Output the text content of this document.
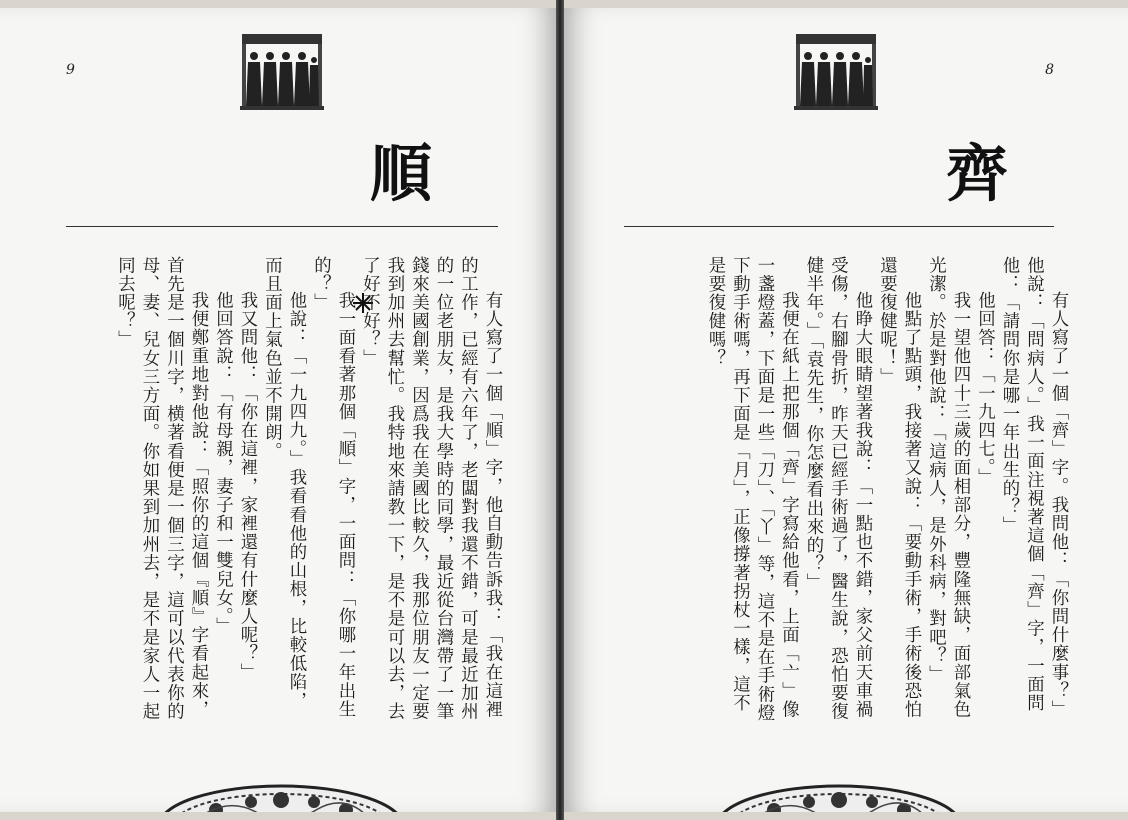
9
順

有人寫了一個「順」字，他自動告訴我：「我在這裡的工作，已經有六年了，老闆對我還不錯，可是最近加州的一位老朋友，是我大學時的同學，最近從台灣帶了一筆錢來美國創業，因爲我在美國比較久，我那位朋友一定要我到加州去幫忙。我特地來請教一下，是不是可以去，去了好不好？」

我一面看著那個「順」字，一面問：「你哪一年出生的？」

他說：「一九四九。」我看看他的山根，比較低陷，而且面上氣色並不開朗。

我又問他：「你在這裡，家裡還有什麼人呢？」

他回答說：「有母親，妻子和一雙兒女。」

我便鄭重地對他說：「照你的這個『順』字看起來，首先是一個川字，横著看便是一個三字，這可以代表你的母、妻、兒女三方面。你如果到加州去，是不是家人一起同去呢？」

8
齊

有人寫了一個「齊」字。我問他：「你問什麼事？」他說：「問病人。」我一面注視著這個「齊」字，一面問他：「請問你是哪一年出生的？」

他回答：「一九四七。」

我一望他四十三歲的面相部分，豐隆無缺，面部氣色光潔。於是對他說：「這病人，是外科病，對吧？」

他點了點頭，我接著又說：「要動手術，手術後恐怕還要復健呢！」

他睁大眼睛望著我說：「一點也不錯，家父前天車禍受傷，右腳骨折，昨天已經手術過了，醫生說，恐怕要復健半年。」「袁先生，你怎麼看出來的？」

我便在紙上把那個「齊」字寫給他看，上面「亠」像一盞燈蓋，下面是一些「刀」、「丫」等，這不是在手術燈下動手術嗎，再下面是「月」，正像撐著拐杖一樣，這不是要復健嗎？
